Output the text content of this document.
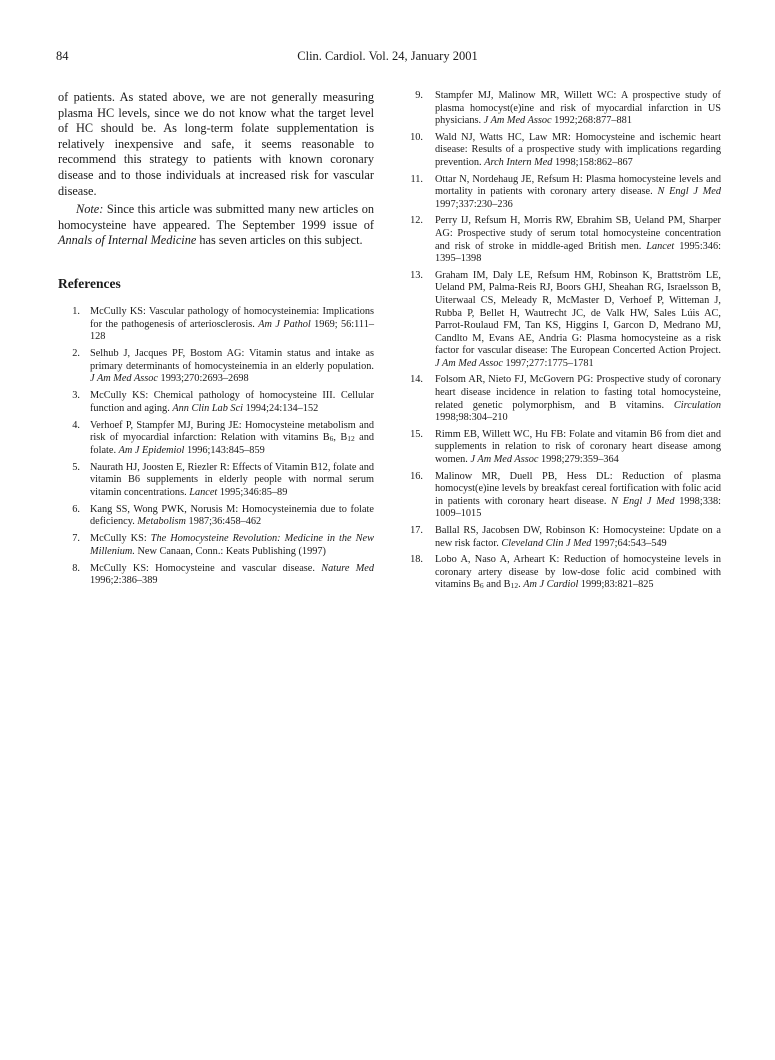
84	Clin. Cardiol. Vol. 24, January 2001

of patients. As stated above, we are not generally measuring plasma HC levels, since we do not know what the target level of HC should be. As long-term folate supplementation is relatively inexpensive and safe, it seems reasonable to recommend this strategy to patients with known coronary disease and to those individuals at increased risk for vascular disease.

Note: Since this article was submitted many new articles on homocysteine have appeared. The September 1999 issue of Annals of Internal Medicine has seven articles on this subject.

References
1. McCully KS: Vascular pathology of homocysteinemia: Implications for the pathogenesis of arteriosclerosis. Am J Pathol 1969; 56:111–128
2. Selhub J, Jacques PF, Bostom AG: Vitamin status and intake as primary determinants of homocysteinemia in an elderly population. J Am Med Assoc 1993;270:2693–2698
3. McCully KS: Chemical pathology of homocysteine III. Cellular function and aging. Ann Clin Lab Sci 1994;24:134–152
4. Verhoef P, Stampfer MJ, Buring JE: Homocysteine metabolism and risk of myocardial infarction: Relation with vitamins $B_6$, $B_{12}$ and folate. Am J Epidemiol 1996;143:845–859
5. Naurath HJ, Joosten E, Riezler R: Effects of Vitamin B12, folate and vitamin B6 supplements in elderly people with normal serum vitamin concentrations. Lancet 1995;346:85–89
6. Kang SS, Wong PWK, Norusis M: Homocysteinemia due to folate deficiency. Metabolism 1987;36:458–462
7. McCully KS: The Homocysteine Revolution: Medicine in the New Millenium. New Canaan, Conn.: Keats Publishing (1997)
8. McCully KS: Homocysteine and vascular disease. Nature Med 1996;2:386–389
9.	Stampfer MJ, Malinow MR, Willett WC: A prospective study of plasma homocyst(e)ine and risk of myocardial infarction in US physicians. J Am Med Assoc 1992;268:877–881
10.	Wald NJ, Watts HC, Law MR: Homocysteine and ischemic heart disease: Results of a prospective study with implications regarding prevention. Arch Intern Med 1998;158:862–867
11.	Ottar N, Nordehaug JE, Refsum H: Plasma homocysteine levels and mortality in patients with coronary artery disease. N Engl J Med 1997;337:230–236
12.	Perry IJ, Refsum H, Morris RW, Ebrahim SB, Ueland PM, Sharper AG: Prospective study of serum total homocysteine concentration and risk of stroke in middle-aged British men. Lancet 1995:346: 1395–1398
13.	Graham IM, Daly LE, Refsum HM, Robinson K, Brattström LE, Ueland PM, Palma-Reis RJ, Boors GHJ, Sheahan RG, Israelsson B, Uiterwaal CS, Meleady R, McMaster D, Verhoef P, Witteman J, Rubba P, Bellet H, Wautrecht JC, de Valk HW, Sales Lúis AC, Parrot-Roulaud FM, Tan KS, Higgins I, Garcon D, Medrano MJ, Candlto M, Evans AE, Andria G: Plasma homocysteine as a risk factor for vascular disease: The European Concerted Action Project. J Am Med Assoc 1997;277:1775–1781
14.	Folsom AR, Nieto FJ, McGovern PG: Prospective study of coronary heart disease incidence in relation to fasting total homocysteine, related genetic polymorphism, and B vitamins. Circulation 1998;98:304–210
15.	Rimm EB, Willett WC, Hu FB: Folate and vitamin B6 from diet and supplements in relation to risk of coronary heart disease among women. J Am Med Assoc 1998;279:359–364
16.	Malinow MR, Duell PB, Hess DL: Reduction of plasma homocyst(e)ine levels by breakfast cereal fortification with folic acid in patients with coronary heart disease. N Engl J Med 1998;338: 1009–1015
17.	Ballal RS, Jacobsen DW, Robinson K: Homocysteine: Update on a new risk factor. Cleveland Clin J Med 1997;64:543–549
18.	Lobo A, Naso A, Arheart K: Reduction of homocysteine levels in coronary artery disease by low-dose folic acid combined with vitamins $B_6$ and $B_{12}$. Am J Cardiol 1999;83:821–825
